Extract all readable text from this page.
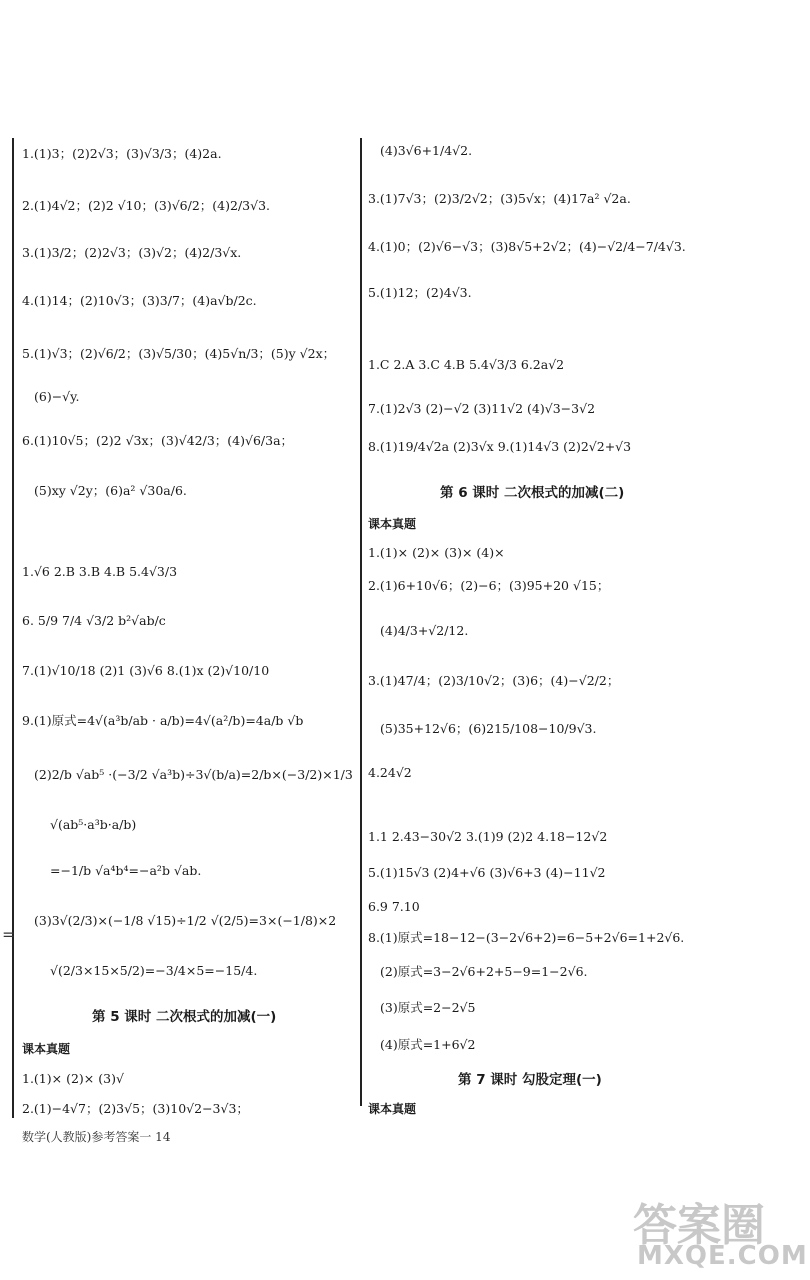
=
1.(1)3；(2)2√3；(3)√3/3；(4)2a.
2.(1)4√2；(2)2 √10；(3)√6/2；(4)2/3√3.
3.(1)3/2；(2)2√3；(3)√2；(4)2/3√x.
4.(1)14；(2)10√3；(3)3/7；(4)a√b/2c.
5.(1)√3；(2)√6/2；(3)√5/30；(4)5√n/3；(5)y √2x；
(6)−√y.
6.(1)10√5；(2)2 √3x；(3)√42/3；(4)√6/3a；
(5)xy √2y；(6)a² √30a/6.
1.√6 2.B 3.B 4.B 5.4√3/3
6. 5/9 7/4 √3/2 b²√ab/c
7.(1)√10/18 (2)1 (3)√6 8.(1)x (2)√10/10
9.(1)原式=4√(a³b/ab · a/b)=4√(a²/b)=4a/b √b
(2)2/b √ab⁵ ·(−3/2 √a³b)÷3√(b/a)=2/b×(−3/2)×1/3
√(ab⁵·a³b·a/b)
=−1/b √a⁴b⁴=−a²b √ab.
(3)3√(2/3)×(−1/8 √15)÷1/2 √(2/5)=3×(−1/8)×2
√(2/3×15×5/2)=−3/4×5=−15/4.
第 5 课时 二次根式的加减(一)
课本真题
1.(1)× (2)× (3)√
2.(1)−4√7；(2)3√5；(3)10√2−3√3；
(4)3√6+1/4√2.
3.(1)7√3；(2)3/2√2；(3)5√x；(4)17a² √2a.
4.(1)0；(2)√6−√3；(3)8√5+2√2；(4)−√2/4−7/4√3.
5.(1)12；(2)4√3.
1.C 2.A 3.C 4.B 5.4√3/3 6.2a√2
7.(1)2√3 (2)−√2 (3)11√2 (4)√3−3√2
8.(1)19/4√2a (2)3√x 9.(1)14√3 (2)2√2+√3
第 6 课时 二次根式的加减(二)
课本真题
1.(1)× (2)× (3)× (4)×
2.(1)6+10√6；(2)−6；(3)95+20 √15；
(4)4/3+√2/12.
3.(1)47/4；(2)3/10√2；(3)6；(4)−√2/2；
(5)35+12√6；(6)215/108−10/9√3.
4.24√2
1.1 2.43−30√2 3.(1)9 (2)2 4.18−12√2
5.(1)15√3 (2)4+√6 (3)√6+3 (4)−11√2
6.9 7.10
8.(1)原式=18−12−(3−2√6+2)=6−5+2√6=1+2√6.
(2)原式=3−2√6+2+5−9=1−2√6.
(3)原式=2−2√5
(4)原式=1+6√2
第 7 课时 勾股定理(一)
课本真题
数学(人教版)参考答案一 14
答案圈
MXQE.COM
